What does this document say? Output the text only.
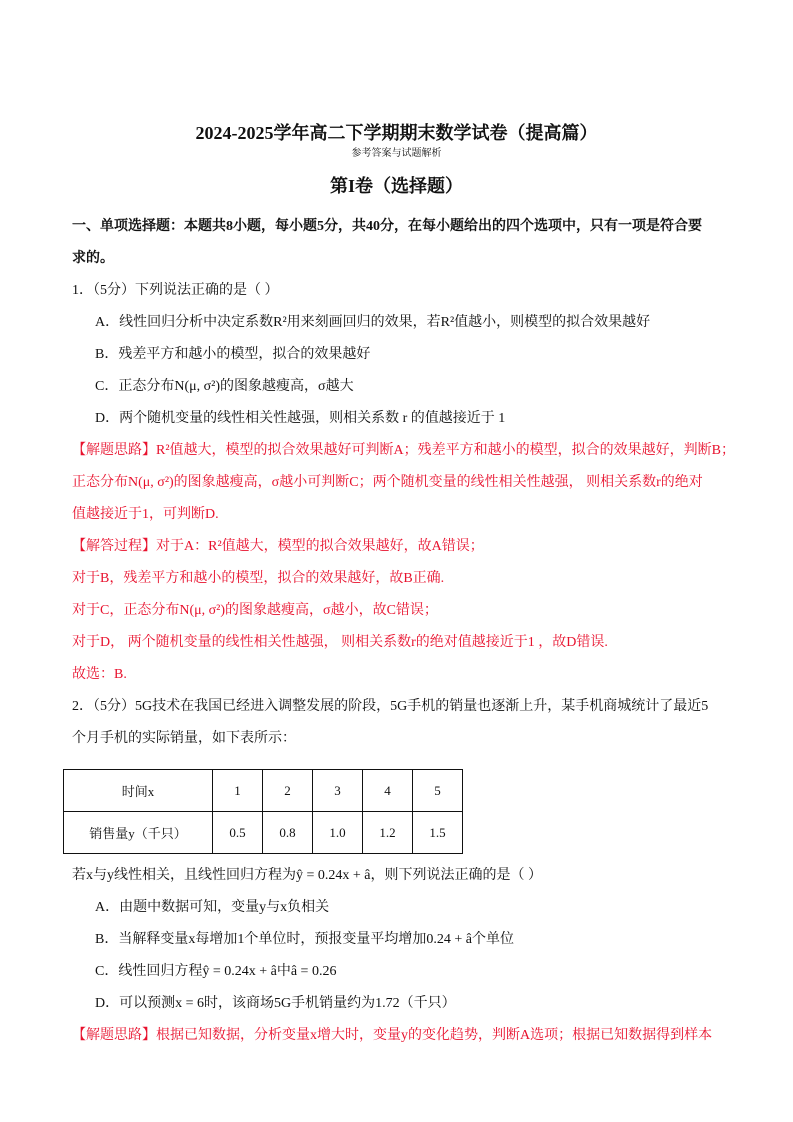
2024-2025学年高二下学期期末数学试卷（提高篇）
参考答案与试题解析
第I卷（选择题）
一、单项选择题：本题共8小题，每小题5分，共40分，在每小题给出的四个选项中，只有一项是符合要
求的。
1．（5分）下列说法正确的是（ ）
A．线性回归分析中决定系数R²用来刻画回归的效果，若R²值越小，则模型的拟合效果越好
B．残差平方和越小的模型，拟合的效果越好
C．正态分布N(μ, σ²)的图象越瘦高，σ越大
D．两个随机变量的线性相关性越强，则相关系数 r 的值越接近于 1
【解题思路】R²值越大，模型的拟合效果越好可判断A；残差平方和越小的模型，拟合的效果越好，判断B；
正态分布N(μ, σ²)的图象越瘦高，σ越小可判断C；两个随机变量的线性相关性越强， 则相关系数r的绝对
值越接近于1，可判断D.
【解答过程】对于A：R²值越大，模型的拟合效果越好，故A错误；
对于B，残差平方和越小的模型，拟合的效果越好，故B正确.
对于C，正态分布N(μ, σ²)的图象越瘦高，σ越小，故C错误；
对于D， 两个随机变量的线性相关性越强， 则相关系数r的绝对值越接近于1 ，故D错误.
故选：B.
2．（5分）5G技术在我国已经进入调整发展的阶段，5G手机的销量也逐渐上升，某手机商城统计了最近5
个月手机的实际销量，如下表所示：
时间x	1	2	3	4	5
销售量y（千只）	0.5	0.8	1.0	1.2	1.5
若x与y线性相关，且线性回归方程为ŷ = 0.24x + â，则下列说法正确的是（ ）
A．由题中数据可知，变量y与x负相关
B．当解释变量x每增加1个单位时，预报变量平均增加0.24 + â个单位
C．线性回归方程ŷ = 0.24x + â中â = 0.26
D．可以预测x = 6时，该商场5G手机销量约为1.72（千只）
【解题思路】根据已知数据，分析变量x增大时，变量y的变化趋势，判断A选项；根据已知数据得到样本
